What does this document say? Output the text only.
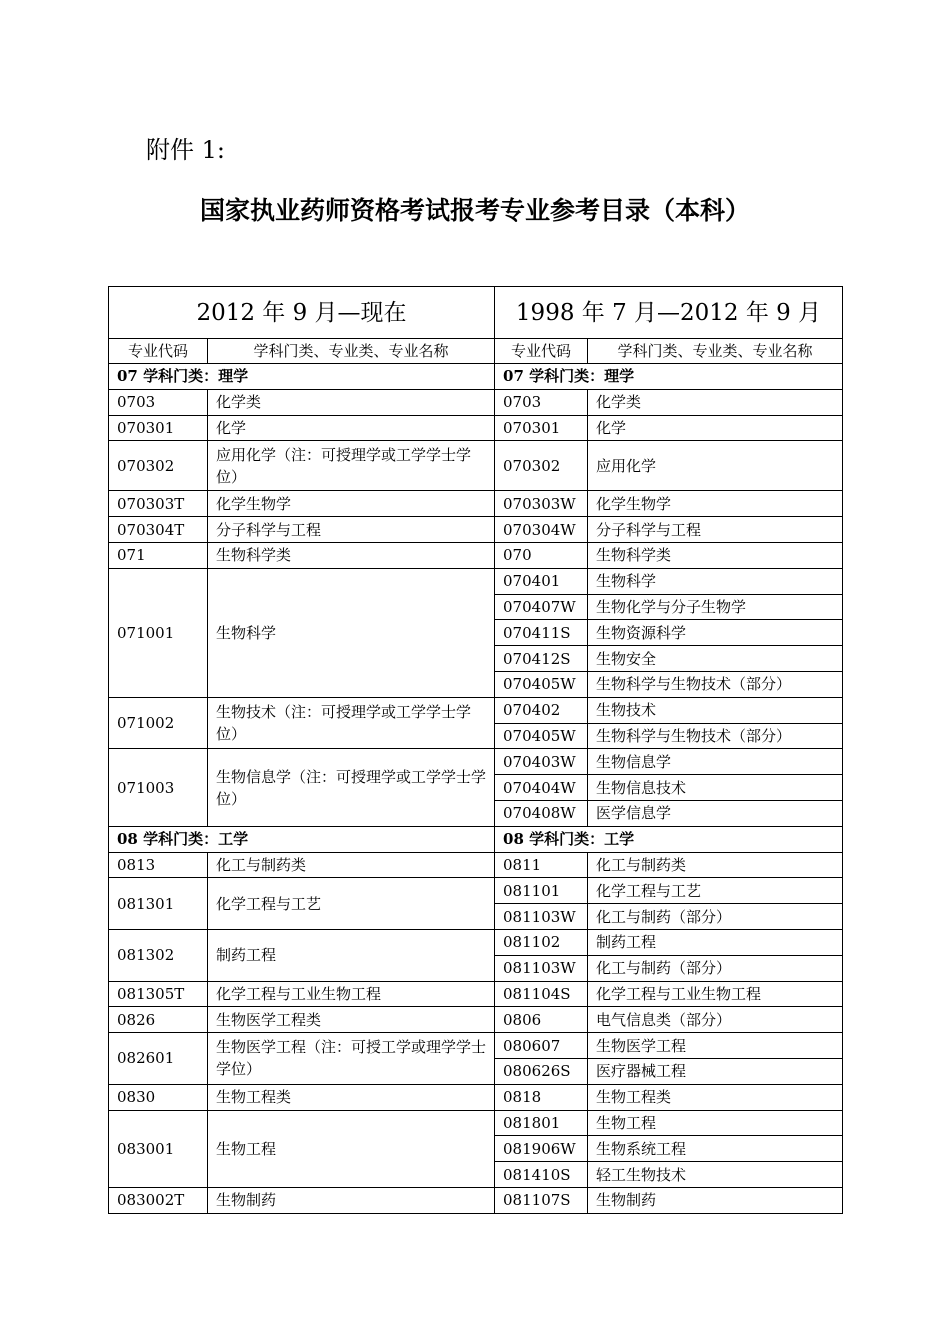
附件 1:
国家执业药师资格考试报考专业参考目录（本科）
2012 年 9 月—现在		1998 年 7 月—2012 年 9 月	
专业代码	学科门类、专业类、专业名称	专业代码	学科门类、专业类、专业名称
07 学科门类：理学		07 学科门类：理学	
0703	化学类	0703	化学类
070301	化学	070301	化学
070302	应用化学（注：可授理学或工学学士学位）	070302	应用化学
070303T	化学生物学	070303W	化学生物学
070304T	分子科学与工程	070304W	分子科学与工程
071	生物科学类	070	生物科学类
071001	生物科学	070401	生物科学
		070407W	生物化学与分子生物学
		070411S	生物资源科学
		070412S	生物安全
		070405W	生物科学与生物技术（部分）
071002	生物技术（注：可授理学或工学学士学位）	070402	生物技术
		070405W	生物科学与生物技术（部分）
071003	生物信息学（注：可授理学或工学学士学位）	070403W	生物信息学
		070404W	生物信息技术
		070408W	医学信息学
08 学科门类：工学		08 学科门类：工学	
0813	化工与制药类	0811	化工与制药类
081301	化学工程与工艺	081101	化学工程与工艺
		081103W	化工与制药（部分）
081302	制药工程	081102	制药工程
		081103W	化工与制药（部分）
081305T	化学工程与工业生物工程	081104S	化学工程与工业生物工程
0826	生物医学工程类	0806	电气信息类（部分）
082601	生物医学工程（注：可授工学或理学学士学位）	080607	生物医学工程
		080626S	医疗器械工程
0830	生物工程类	0818	生物工程类
083001	生物工程	081801	生物工程
		081906W	生物系统工程
		081410S	轻工生物技术
083002T	生物制药	081107S	生物制药
